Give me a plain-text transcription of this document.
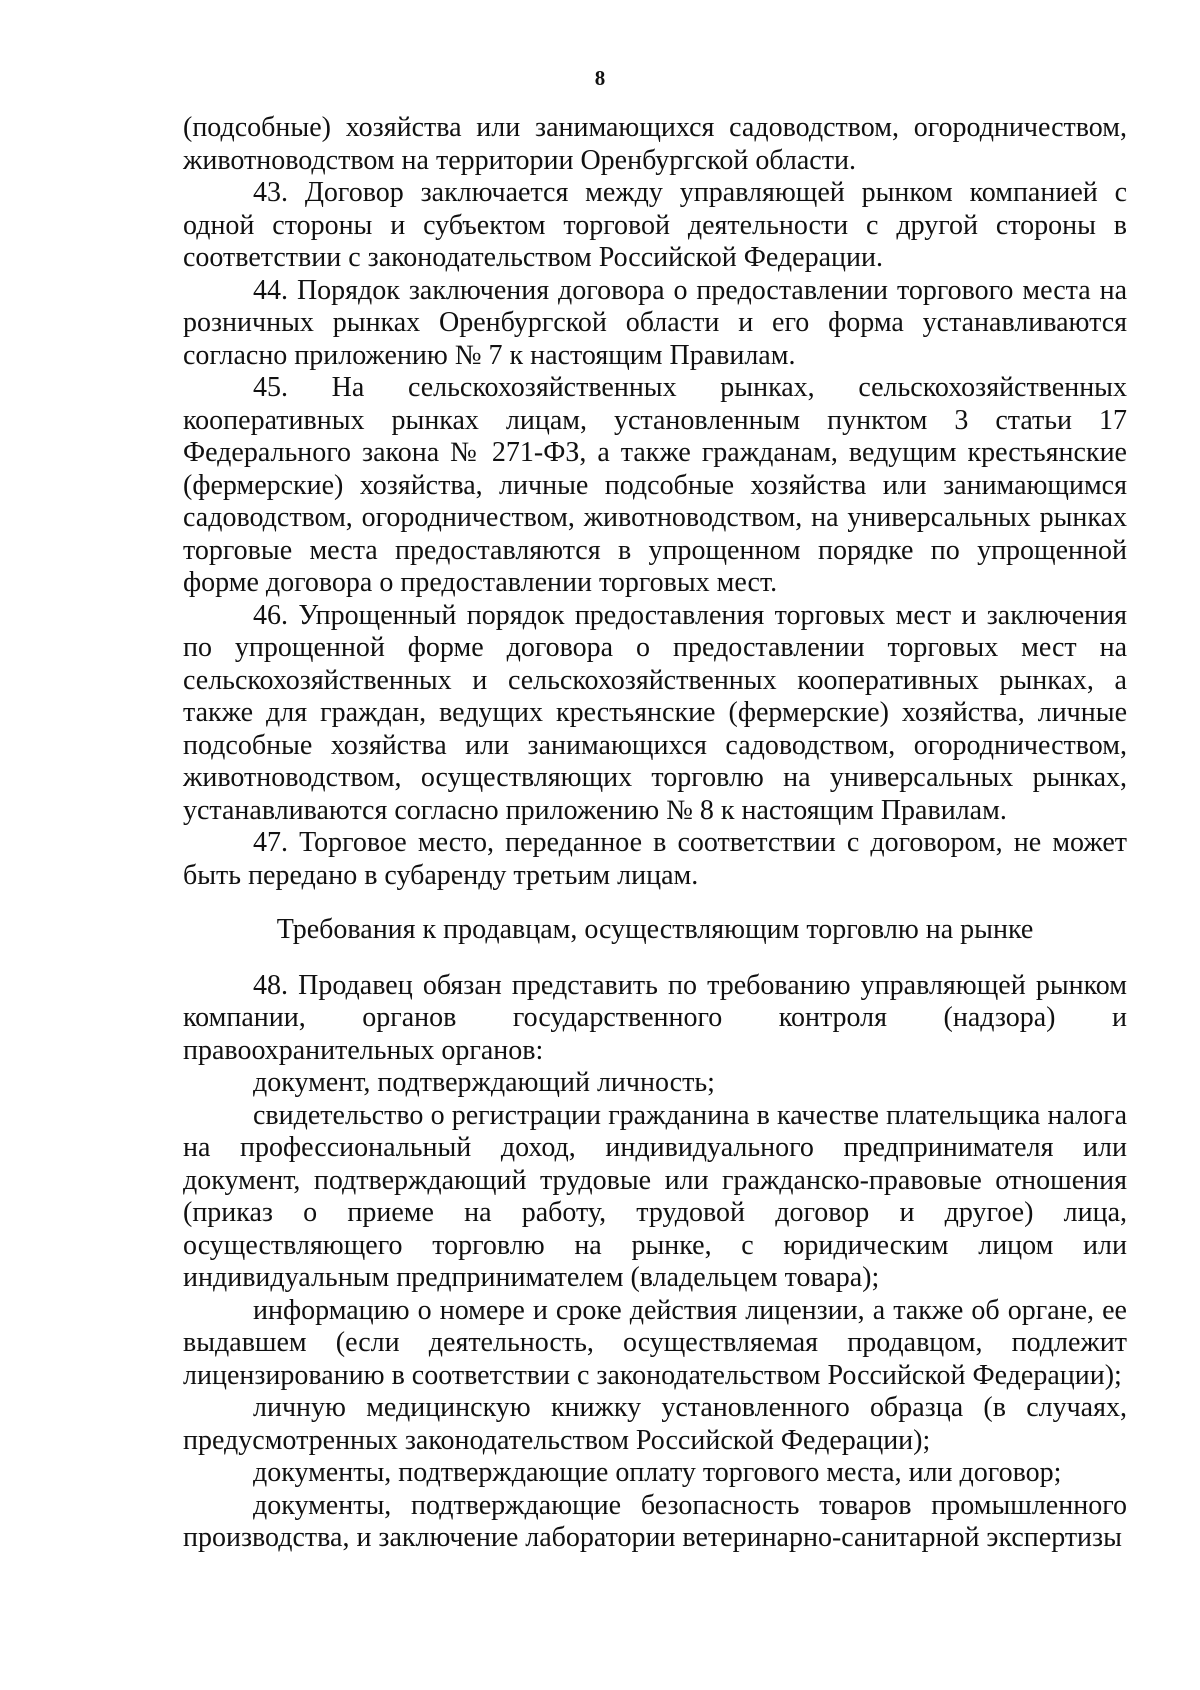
8

(подсобные) хозяйства или занимающихся садоводством, огородничеством, животноводством на территории Оренбургской области.

43. Договор заключается между управляющей рынком компанией с одной стороны и субъектом торговой деятельности с другой стороны в соответствии с законодательством Российской Федерации.

44. Порядок заключения договора о предоставлении торгового места на розничных рынках Оренбургской области и его форма устанавливаются согласно приложению № 7 к настоящим Правилам.

45. На сельскохозяйственных рынках, сельскохозяйственных кооперативных рынках лицам, установленным пунктом 3 статьи 17 Федерального закона № 271-ФЗ, а также гражданам, ведущим крестьянские (фермерские) хозяйства, личные подсобные хозяйства или занимающимся садоводством, огородничеством, животноводством, на универсальных рынках торговые места предоставляются в упрощенном порядке по упрощенной форме договора о предоставлении торговых мест.

46. Упрощенный порядок предоставления торговых мест и заключения по упрощенной форме договора о предоставлении торговых мест на сельскохозяйственных и сельскохозяйственных кооперативных рынках, а также для граждан, ведущих крестьянские (фермерские) хозяйства, личные подсобные хозяйства или занимающихся садоводством, огородничеством, животноводством, осуществляющих торговлю на универсальных рынках, устанавливаются согласно приложению № 8 к настоящим Правилам.

47. Торговое место, переданное в соответствии с договором, не может быть передано в субаренду третьим лицам.

Требования к продавцам, осуществляющим торговлю на рынке

48. Продавец обязан представить по требованию управляющей рынком компании, органов государственного контроля (надзора) и правоохранительных органов:

документ, подтверждающий личность;

свидетельство о регистрации гражданина в качестве плательщика налога на профессиональный доход, индивидуального предпринимателя или документ, подтверждающий трудовые или гражданско-правовые отношения (приказ о приеме на работу, трудовой договор и другое) лица, осуществляющего торговлю на рынке, с юридическим лицом или индивидуальным предпринимателем (владельцем товара);

информацию о номере и сроке действия лицензии, а также об органе, ее выдавшем (если деятельность, осуществляемая продавцом, подлежит лицензированию в соответствии с законодательством Российской Федерации);

личную медицинскую книжку установленного образца (в случаях, предусмотренных законодательством Российской Федерации);

документы, подтверждающие оплату торгового места, или договор;

документы, подтверждающие безопасность товаров промышленного производства, и заключение лаборатории ветеринарно-санитарной экспертизы
